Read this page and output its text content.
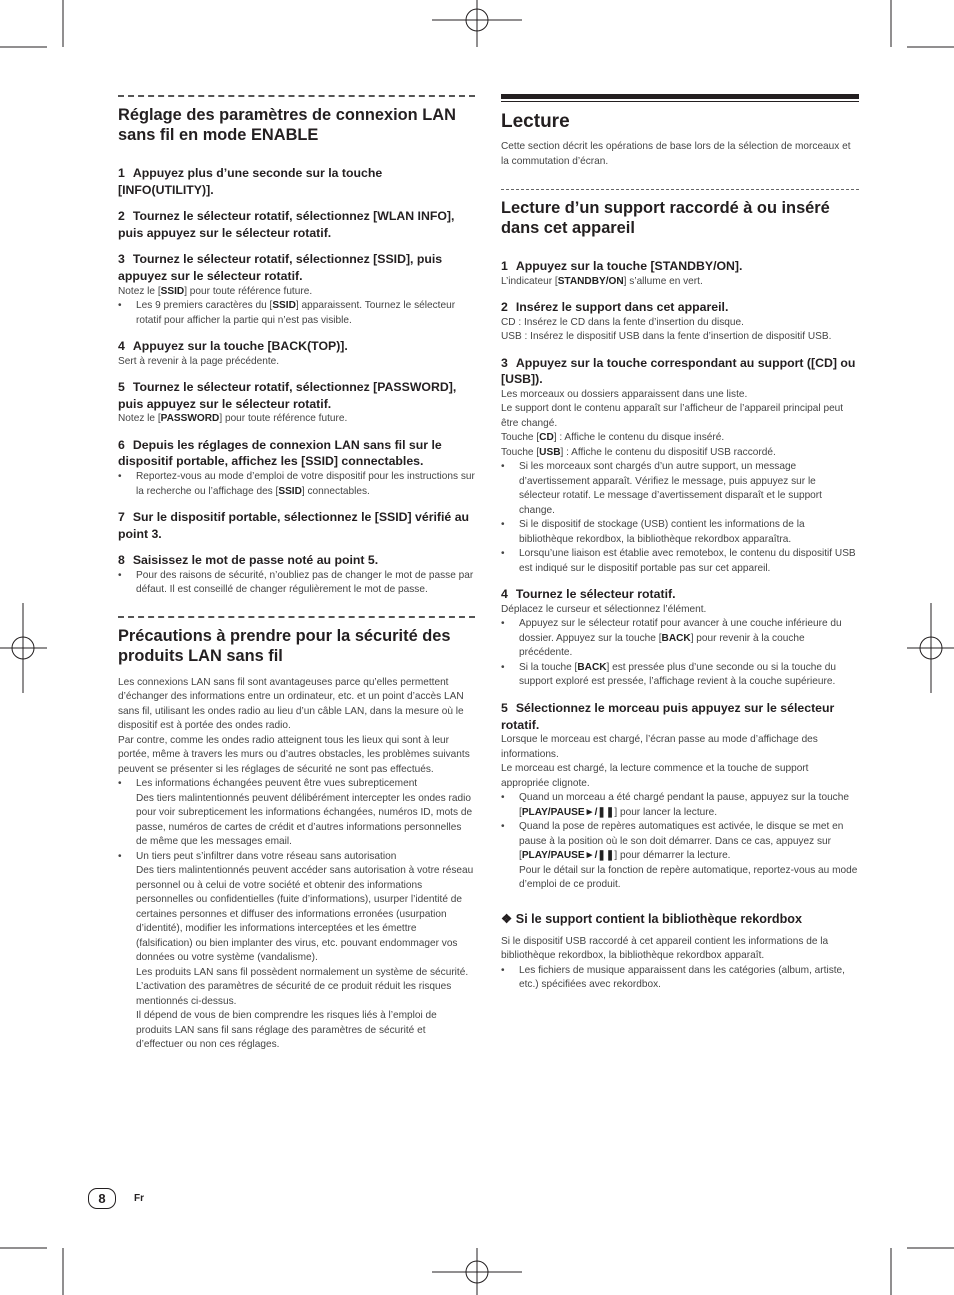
Réglage des paramètres de connexion LAN sans fil en mode ENABLE

1 Appuyez plus d’une seconde sur la touche [INFO(UTILITY)].

2 Tournez le sélecteur rotatif, sélectionnez [WLAN INFO], puis appuyez sur le sélecteur rotatif.

3 Tournez le sélecteur rotatif, sélectionnez [SSID], puis appuyez sur le sélecteur rotatif.

Notez le [SSID] pour toute référence future.

• Les 9 premiers caractères du [SSID] apparaissent. Tournez le sélecteur rotatif pour afficher la partie qui n’est pas visible.

4 Appuyez sur la touche [BACK(TOP)].

Sert à revenir à la page précédente.

5 Tournez le sélecteur rotatif, sélectionnez [PASSWORD], puis appuyez sur le sélecteur rotatif.

Notez le [PASSWORD] pour toute référence future.

6 Depuis les réglages de connexion LAN sans fil sur le dispositif portable, affichez les [SSID] connectables.

• Reportez-vous au mode d’emploi de votre dispositif pour les instructions sur la recherche ou l’affichage des [SSID] connectables.

7 Sur le dispositif portable, sélectionnez le [SSID] vérifié au point 3.

8 Saisissez le mot de passe noté au point 5.

• Pour des raisons de sécurité, n’oubliez pas de changer le mot de passe par défaut. Il est conseillé de changer régulièrement le mot de passe.

Précautions à prendre pour la sécurité des produits LAN sans fil

Les connexions LAN sans fil sont avantageuses parce qu’elles permettent d’échanger des informations entre un ordinateur, etc. et un point d’accès LAN sans fil, utilisant les ondes radio au lieu d’un câble LAN, dans la mesure où le dispositif est à portée des ondes radio.

Par contre, comme les ondes radio atteignent tous les lieux qui sont à leur portée, même à travers les murs ou d’autres obstacles, les problèmes suivants peuvent se présenter si les réglages de sécurité ne sont pas effectués.

• Les informations échangées peuvent être vues subrepticement
Des tiers malintentionnés peuvent délibérément intercepter les ondes radio pour voir subrepticement les informations échangées, numéros ID, mots de passe, numéros de cartes de crédit et d’autres informations personnelles de même que les messages email.
• Un tiers peut s’infiltrer dans votre réseau sans autorisation
Des tiers malintentionnés peuvent accéder sans autorisation à votre réseau personnel ou à celui de votre société et obtenir des informations personnelles ou confidentielles (fuite d’informations), usurper l’identité de certaines personnes et diffuser des informations erronées (usurpation d’identité), modifier les informations interceptées et les émettre (falsification) ou bien implanter des virus, etc. pouvant endommager vos données ou votre système (vandalisme).
Les produits LAN sans fil possèdent normalement un système de sécurité. L’activation des paramètres de sécurité de ce produit réduit les risques mentionnés ci-dessus.
Il dépend de vous de bien comprendre les risques liés à l’emploi de produits LAN sans fil sans réglage des paramètres de sécurité et d’effectuer ou non ces réglages.
Lecture

Cette section décrit les opérations de base lors de la sélection de morceaux et la commutation d’écran.

Lecture d’un support raccordé à ou inséré dans cet appareil

1 Appuyez sur la touche [STANDBY/ON].

L’indicateur [STANDBY/ON] s’allume en vert.

2 Insérez le support dans cet appareil.

CD : Insérez le CD dans la fente d’insertion du disque.

USB : Insérez le dispositif USB dans la fente d’insertion de dispositif USB.

3 Appuyez sur la touche correspondant au support ([CD] ou [USB]).

Les morceaux ou dossiers apparaissent dans une liste.

Le support dont le contenu apparaît sur l’afficheur de l’appareil principal peut être changé.

Touche [CD] : Affiche le contenu du disque inséré.

Touche [USB] : Affiche le contenu du dispositif USB raccordé.

• Si les morceaux sont chargés d’un autre support, un message d’avertissement apparaît. Vérifiez le message, puis appuyez sur le sélecteur rotatif. Le message d’avertissement disparaît et le support change.

• Si le dispositif de stockage (USB) contient les informations de la bibliothèque rekordbox, la bibliothèque rekordbox apparaîtra.

• Lorsqu’une liaison est établie avec remotebox, le contenu du dispositif USB est indiqué sur le dispositif portable pas sur cet appareil.

4 Tournez le sélecteur rotatif.

Déplacez le curseur et sélectionnez l’élément.

• Appuyez sur le sélecteur rotatif pour avancer à une couche inférieure du dossier. Appuyez sur la touche [BACK] pour revenir à la couche précédente.

• Si la touche [BACK] est pressée plus d’une seconde ou si la touche du support exploré est pressée, l’affichage revient à la couche supérieure.

5 Sélectionnez le morceau puis appuyez sur le sélecteur rotatif.

Lorsque le morceau est chargé, l’écran passe au mode d’affichage des informations.

Le morceau est chargé, la lecture commence et la touche de support appropriée clignote.

• Quand un morceau a été chargé pendant la pause, appuyez sur la touche [PLAY/PAUSE►/❚❚] pour lancer la lecture.

• Quand la pose de repères automatiques est activée, le disque se met en pause à la position où le son doit démarrer. Dans ce cas, appuyez sur [PLAY/PAUSE►/❚❚] pour démarrer la lecture.
Pour le détail sur la fonction de repère automatique, reportez-vous au mode d’emploi de ce produit.

❖ Si le support contient la bibliothèque rekordbox

Si le dispositif USB raccordé à cet appareil contient les informations de la bibliothèque rekordbox, la bibliothèque rekordbox apparaît.

• Les fichiers de musique apparaissent dans les catégories (album, artiste, etc.) spécifiées avec rekordbox.

8	Fr
